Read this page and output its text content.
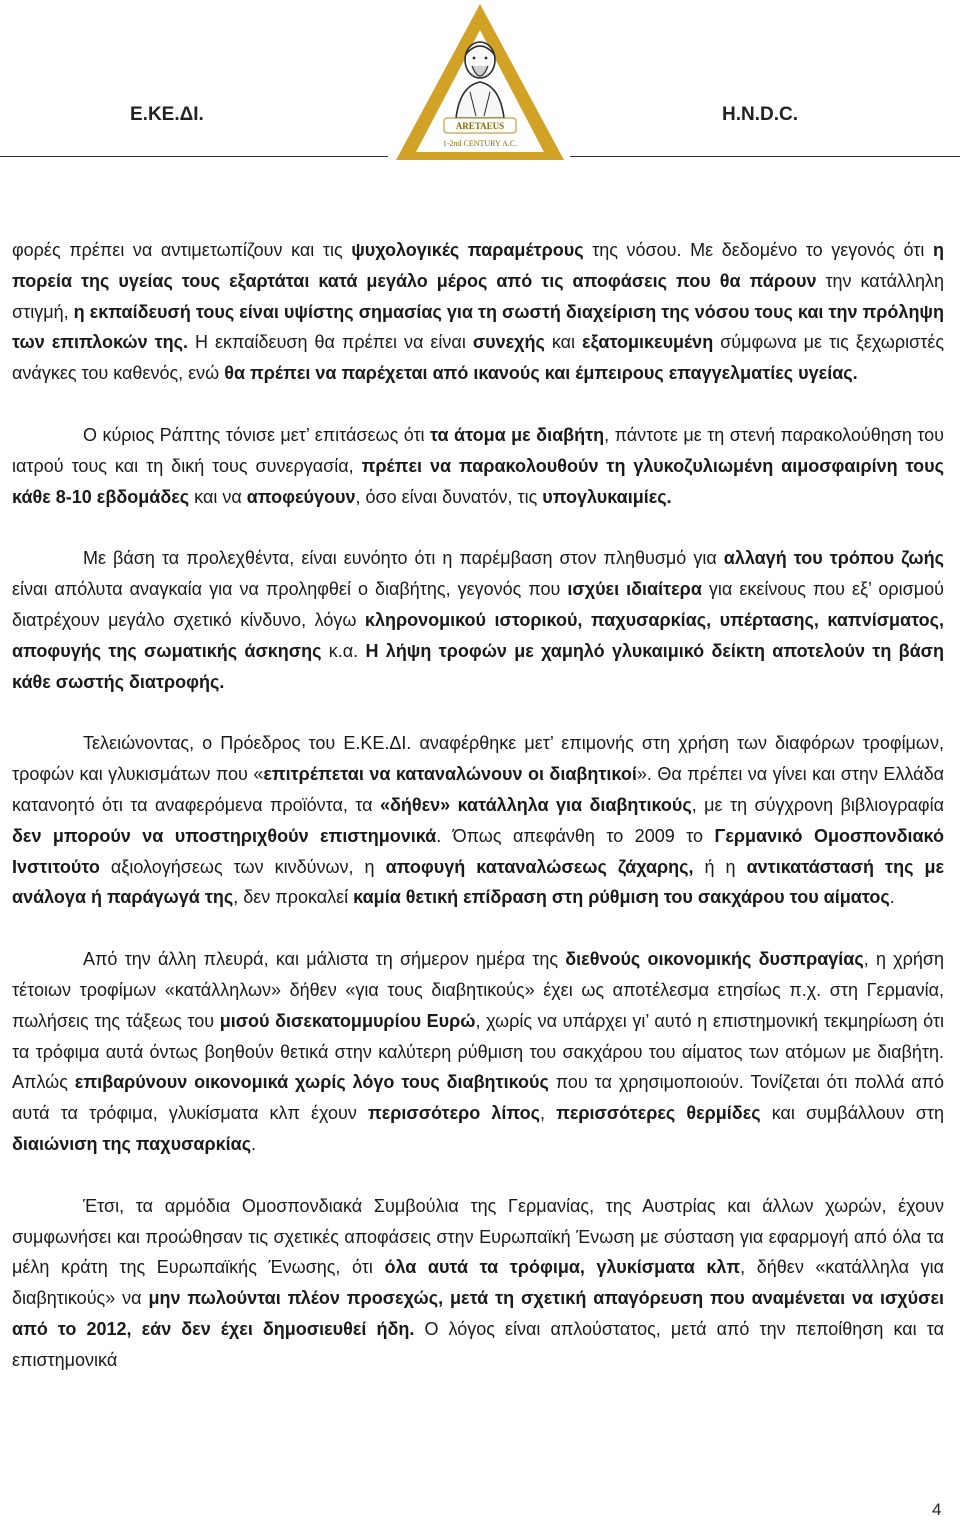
Ε.ΚΕ.ΔΙ.	H.N.D.C.
ARETAEUS
1-2nd CENTURY A.C.

φορές πρέπει να αντιμετωπίζουν και τις ψυχολογικές παραμέτρους της νόσου. Με δεδομένο το γεγονός ότι η πορεία της υγείας τους εξαρτάται κατά μεγάλο μέρος από τις αποφάσεις που θα πάρουν την κατάλληλη στιγμή, η εκπαίδευσή τους είναι υψίστης σημασίας για τη σωστή διαχείριση της νόσου τους και την πρόληψη των επιπλοκών της. Η εκπαίδευση θα πρέπει να είναι συνεχής και εξατομικευμένη σύμφωνα με τις ξεχωριστές ανάγκες του καθενός, ενώ θα πρέπει να παρέχεται από ικανούς και έμπειρους επαγγελματίες υγείας.

Ο κύριος Ράπτης τόνισε μετ’ επιτάσεως ότι τα άτομα με διαβήτη, πάντοτε με τη στενή παρακολούθηση του ιατρού τους και τη δική τους συνεργασία, πρέπει να παρακολουθούν τη γλυκοζυλιωμένη αιμοσφαιρίνη τους κάθε 8-10 εβδομάδες και να αποφεύγουν, όσο είναι δυνατόν, τις υπογλυκαιμίες.

Με βάση τα προλεχθέντα, είναι ευνόητο ότι η παρέμβαση στον πληθυσμό για αλλαγή του τρόπου ζωής είναι απόλυτα αναγκαία για να προληφθεί ο διαβήτης, γεγονός που ισχύει ιδιαίτερα για εκείνους που εξ’ ορισμού διατρέχουν μεγάλο σχετικό κίνδυνο, λόγω κληρονομικού ιστορικού, παχυσαρκίας, υπέρτασης, καπνίσματος, αποφυγής της σωματικής άσκησης κ.α. Η λήψη τροφών με χαμηλό γλυκαιμικό δείκτη αποτελούν τη βάση κάθε σωστής διατροφής.

Τελειώνοντας, ο Πρόεδρος του Ε.ΚΕ.ΔΙ. αναφέρθηκε μετ’ επιμονής στη χρήση των διαφόρων τροφίμων, τροφών και γλυκισμάτων που «επιτρέπεται να καταναλώνουν οι διαβητικοί». Θα πρέπει να γίνει και στην Ελλάδα κατανοητό ότι τα αναφερόμενα προϊόντα, τα «δήθεν» κατάλληλα για διαβητικούς, με τη σύγχρονη βιβλιογραφία δεν μπορούν να υποστηριχθούν επιστημονικά. Όπως απεφάνθη το 2009 το Γερμανικό Ομοσπονδιακό Ινστιτούτο αξιολογήσεως των κινδύνων, η αποφυγή καταναλώσεως ζάχαρης, ή η αντικατάστασή της με ανάλογα ή παράγωγά της, δεν προκαλεί καμία θετική επίδραση στη ρύθμιση του σακχάρου του αίματος.

Από την άλλη πλευρά, και μάλιστα τη σήμερον ημέρα της διεθνούς οικονομικής δυσπραγίας, η χρήση τέτοιων τροφίμων «κατάλληλων» δήθεν «για τους διαβητικούς» έχει ως αποτέλεσμα ετησίως π.χ. στη Γερμανία, πωλήσεις της τάξεως του μισού δισεκατομμυρίου Ευρώ, χωρίς να υπάρχει γι’ αυτό η επιστημονική τεκμηρίωση ότι τα τρόφιμα αυτά όντως βοηθούν θετικά στην καλύτερη ρύθμιση του σακχάρου του αίματος των ατόμων με διαβήτη. Απλώς επιβαρύνουν οικονομικά χωρίς λόγο τους διαβητικούς που τα χρησιμοποιούν. Τονίζεται ότι πολλά από αυτά τα τρόφιμα, γλυκίσματα κλπ έχουν περισσότερο λίπος, περισσότερες θερμίδες και συμβάλλουν στη διαιώνιση της παχυσαρκίας.

Έτσι, τα αρμόδια Ομοσπονδιακά Συμβούλια της Γερμανίας, της Αυστρίας και άλλων χωρών, έχουν συμφωνήσει και προώθησαν τις σχετικές αποφάσεις στην Ευρωπαϊκή Ένωση με σύσταση για εφαρμογή από όλα τα μέλη κράτη της Ευρωπαϊκής Ένωσης, ότι όλα αυτά τα τρόφιμα, γλυκίσματα κλπ, δήθεν «κατάλληλα για διαβητικούς» να μην πωλούνται πλέον προσεχώς, μετά τη σχετική απαγόρευση που αναμένεται να ισχύσει από το 2012, εάν δεν έχει δημοσιευθεί ήδη. Ο λόγος είναι απλούστατος, μετά από την πεποίθηση και τα επιστημονικά

4
